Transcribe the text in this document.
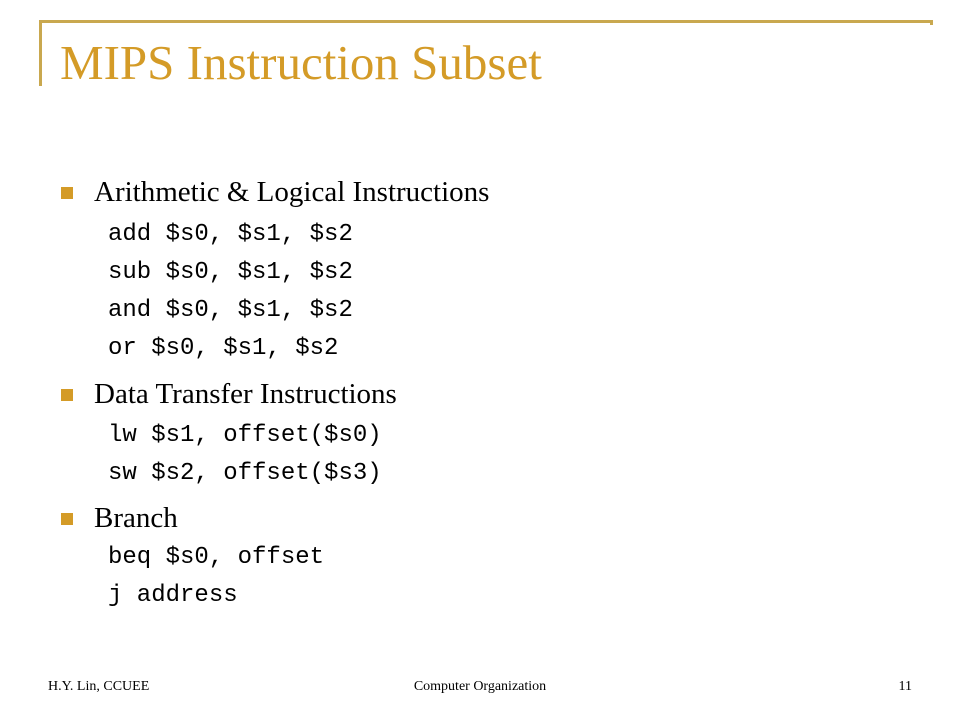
MIPS Instruction Subset
Arithmetic & Logical Instructions
add $s0, $s1, $s2
sub $s0, $s1, $s2
and $s0, $s1, $s2
or $s0, $s1, $s2
Data Transfer Instructions
lw $s1, offset($s0)
sw $s2, offset($s3)
Branch
beq $s0, offset
j address
H.Y. Lin, CCUEE	Computer Organization	11
